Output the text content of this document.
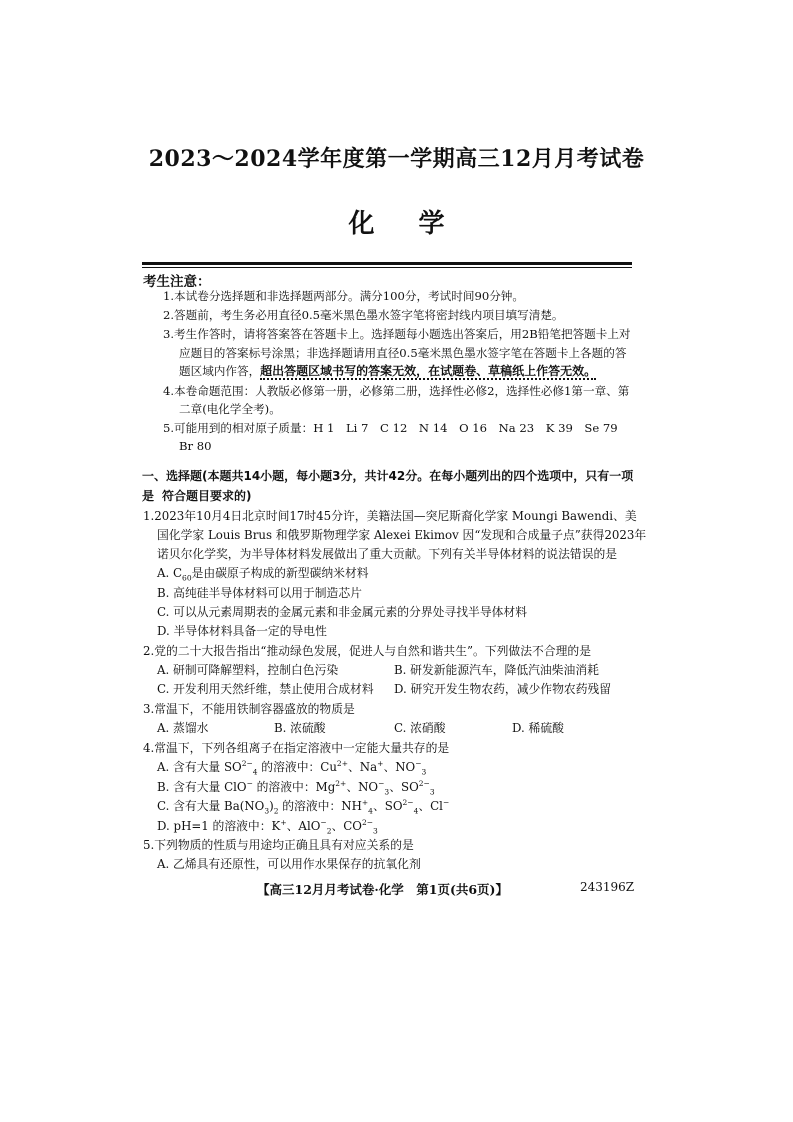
2023～2024学年度第一学期高三12月月考试卷
化学
考生注意：
1.本试卷分选择题和非选择题两部分。满分100分，考试时间90分钟。
2.答题前，考生务必用直径0.5毫米黑色墨水签字笔将密封线内项目填写清楚。
3.考生作答时，请将答案答在答题卡上。选择题每小题选出答案后，用2B铅笔把答题卡上对
应题目的答案标号涂黑；非选择题请用直径0.5毫米黑色墨水签字笔在答题卡上各题的答
题区域内作答，超出答题区域书写的答案无效，在试题卷、草稿纸上作答无效。
4.本卷命题范围：人教版必修第一册，必修第二册，选择性必修2，选择性必修1第一章、第
二章(电化学全考)。
5.可能用到的相对原子质量：H 1　Li 7　C 12　N 14　O 16　Na 23　K 39　Se 79
Br 80
一、选择题(本题共14小题，每小题3分，共计42分。在每小题列出的四个选项中，只有一项是 符合题目要求的)
1.2023年10月4日北京时间17时45分许，美籍法国—突尼斯裔化学家 Moungi Bawendi、美
国化学家 Louis Brus 和俄罗斯物理学家 Alexei Ekimov 因“发现和合成量子点”获得2023年
诺贝尔化学奖，为半导体材料发展做出了重大贡献。下列有关半导体材料的说法错误的是
A. $C_{60}$是由碳原子构成的新型碳纳米材料
B. 高纯硅半导体材料可以用于制造芯片
C. 可以从元素周期表的金属元素和非金属元素的分界处寻找半导体材料
D. 半导体材料具备一定的导电性
2.党的二十大报告指出“推动绿色发展，促进人与自然和谐共生”。下列做法不合理的是
A. 研制可降解塑料，控制白色污染	B. 研发新能源汽车，降低汽油柴油消耗
C. 开发利用天然纤维，禁止使用合成材料 D. 研究开发生物农药，减少作物农药残留
3.常温下，不能用铁制容器盛放的物质是
A. 蒸馏水	B. 浓硫酸	C. 浓硝酸	D. 稀硫酸
4.常温下，下列各组离子在指定溶液中一定能大量共存的是
A. 含有大量 $SO^{2-}_4$ 的溶液中：$Cu^{2+}$、Na+、$NO^-_3$
B. 含有大量 ClO− 的溶液中：$Mg^{2+}$、$NO^-_3$、$SO^{2-}_3$
C. 含有大量 $Ba(NO_3)_2$ 的溶液中：$NH^+_4$、$SO^{2-}_4$、Cl−
D. pH=1 的溶液中：K+、AlO−$_2$、$CO^{2-}_3$
5.下列物质的性质与用途均正确且具有对应关系的是
A. 乙烯具有还原性，可以用作水果保存的抗氧化剂
【高三12月月考试卷·化学　第1页(共6页)】	243196Z
